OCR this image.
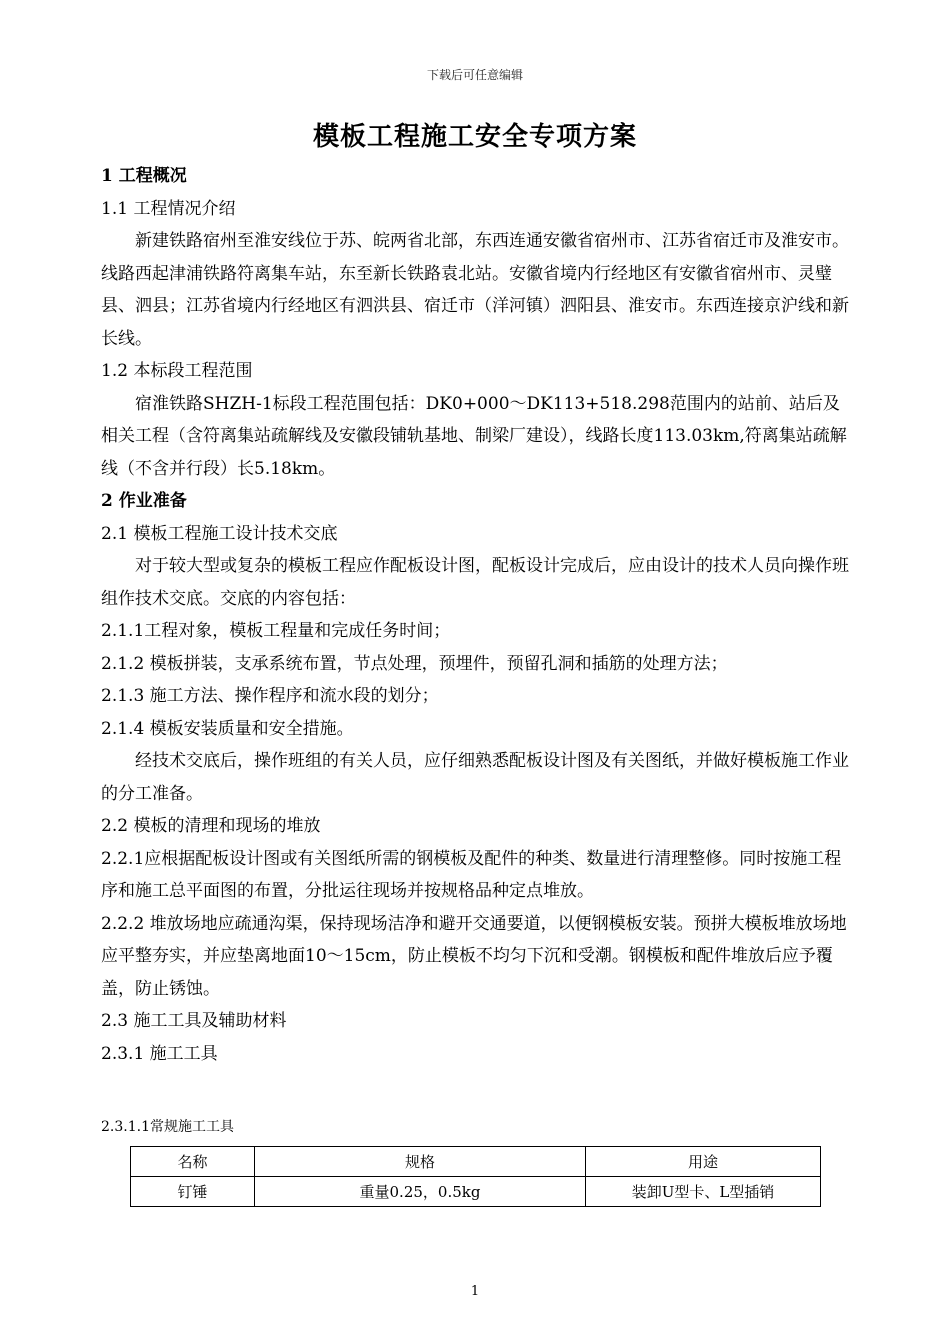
下载后可任意编辑
模板工程施工安全专项方案

1 工程概况

1.1 工程情况介绍

新建铁路宿州至淮安线位于苏、皖两省北部，东西连通安徽省宿州市、江苏省宿迁市及淮安市。线路西起津浦铁路符离集车站，东至新长铁路袁北站。安徽省境内行经地区有安徽省宿州市、灵璧县、泗县；江苏省境内行经地区有泗洪县、宿迁市（洋河镇）泗阳县、淮安市。东西连接京沪线和新长线。

1.2 本标段工程范围

宿淮铁路SHZH-1标段工程范围包括：DK0+000～DK113+518.298范围内的站前、站后及相关工程（含符离集站疏解线及安徽段铺轨基地、制梁厂建设），线路长度113.03km,符离集站疏解线（不含并行段）长5.18km。

2 作业准备

2.1 模板工程施工设计技术交底

对于较大型或复杂的模板工程应作配板设计图，配板设计完成后，应由设计的技术人员向操作班组作技术交底。交底的内容包括：

2.1.1工程对象，模板工程量和完成任务时间；

2.1.2 模板拼装，支承系统布置，节点处理，预埋件，预留孔洞和插筋的处理方法；

2.1.3 施工方法、操作程序和流水段的划分；

2.1.4 模板安装质量和安全措施。

经技术交底后，操作班组的有关人员，应仔细熟悉配板设计图及有关图纸，并做好模板施工作业的分工准备。

2.2 模板的清理和现场的堆放

2.2.1应根据配板设计图或有关图纸所需的钢模板及配件的种类、数量进行清理整修。同时按施工程序和施工总平面图的布置，分批运往现场并按规格品种定点堆放。

2.2.2 堆放场地应疏通沟渠，保持现场洁净和避开交通要道，以便钢模板安装。预拼大模板堆放场地应平整夯实，并应垫离地面10～15cm，防止模板不均匀下沉和受潮。钢模板和配件堆放后应予覆盖，防止锈蚀。

2.3 施工工具及辅助材料

2.3.1 施工工具

2.3.1.1常规施工工具
名称	规格	用途
钉锤	重量0.25，0.5kg	装卸U型卡、L型插销
1
